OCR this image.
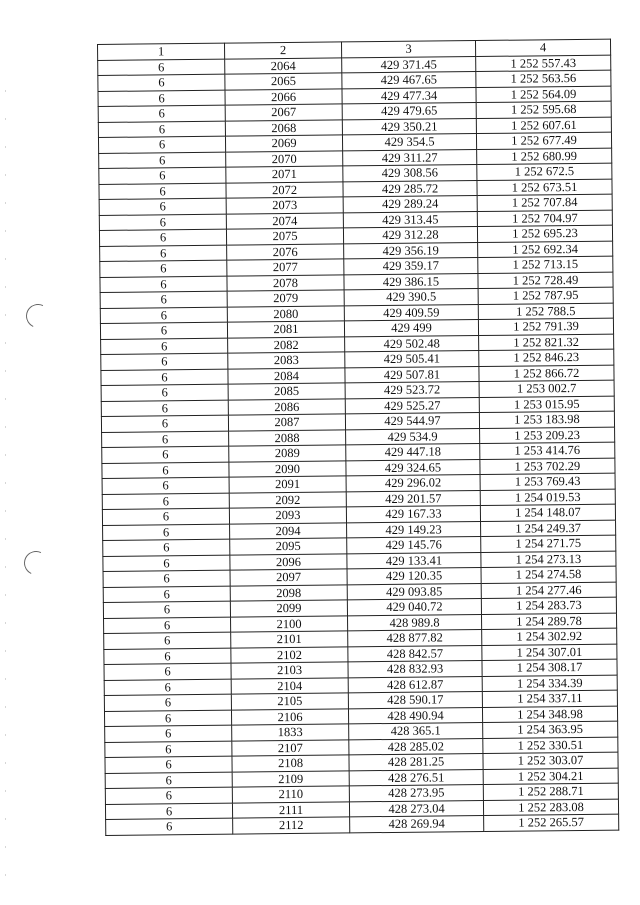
1	2	3	4
6	2064	429 371.45	1 252 557.43
6	2065	429 467.65	1 252 563.56
6	2066	429 477.34	1 252 564.09
6	2067	429 479.65	1 252 595.68
6	2068	429 350.21	1 252 607.61
6	2069	429 354.5	1 252 677.49
6	2070	429 311.27	1 252 680.99
6	2071	429 308.56	1 252 672.5
6	2072	429 285.72	1 252 673.51
6	2073	429 289.24	1 252 707.84
6	2074	429 313.45	1 252 704.97
6	2075	429 312.28	1 252 695.23
6	2076	429 356.19	1 252 692.34
6	2077	429 359.17	1 252 713.15
6	2078	429 386.15	1 252 728.49
6	2079	429 390.5	1 252 787.95
6	2080	429 409.59	1 252 788.5
6	2081	429 499	1 252 791.39
6	2082	429 502.48	1 252 821.32
6	2083	429 505.41	1 252 846.23
6	2084	429 507.81	1 252 866.72
6	2085	429 523.72	1 253 002.7
6	2086	429 525.27	1 253 015.95
6	2087	429 544.97	1 253 183.98
6	2088	429 534.9	1 253 209.23
6	2089	429 447.18	1 253 414.76
6	2090	429 324.65	1 253 702.29
6	2091	429 296.02	1 253 769.43
6	2092	429 201.57	1 254 019.53
6	2093	429 167.33	1 254 148.07
6	2094	429 149.23	1 254 249.37
6	2095	429 145.76	1 254 271.75
6	2096	429 133.41	1 254 273.13
6	2097	429 120.35	1 254 274.58
6	2098	429 093.85	1 254 277.46
6	2099	429 040.72	1 254 283.73
6	2100	428 989.8	1 254 289.78
6	2101	428 877.82	1 254 302.92
6	2102	428 842.57	1 254 307.01
6	2103	428 832.93	1 254 308.17
6	2104	428 612.87	1 254 334.39
6	2105	428 590.17	1 254 337.11
6	2106	428 490.94	1 254 348.98
6	1833	428 365.1	1 254 363.95
6	2107	428 285.02	1 252 330.51
6	2108	428 281.25	1 252 303.07
6	2109	428 276.51	1 252 304.21
6	2110	428 273.95	1 252 288.71
6	2111	428 273.04	1 252 283.08
6	2112	428 269.94	1 252 265.57
